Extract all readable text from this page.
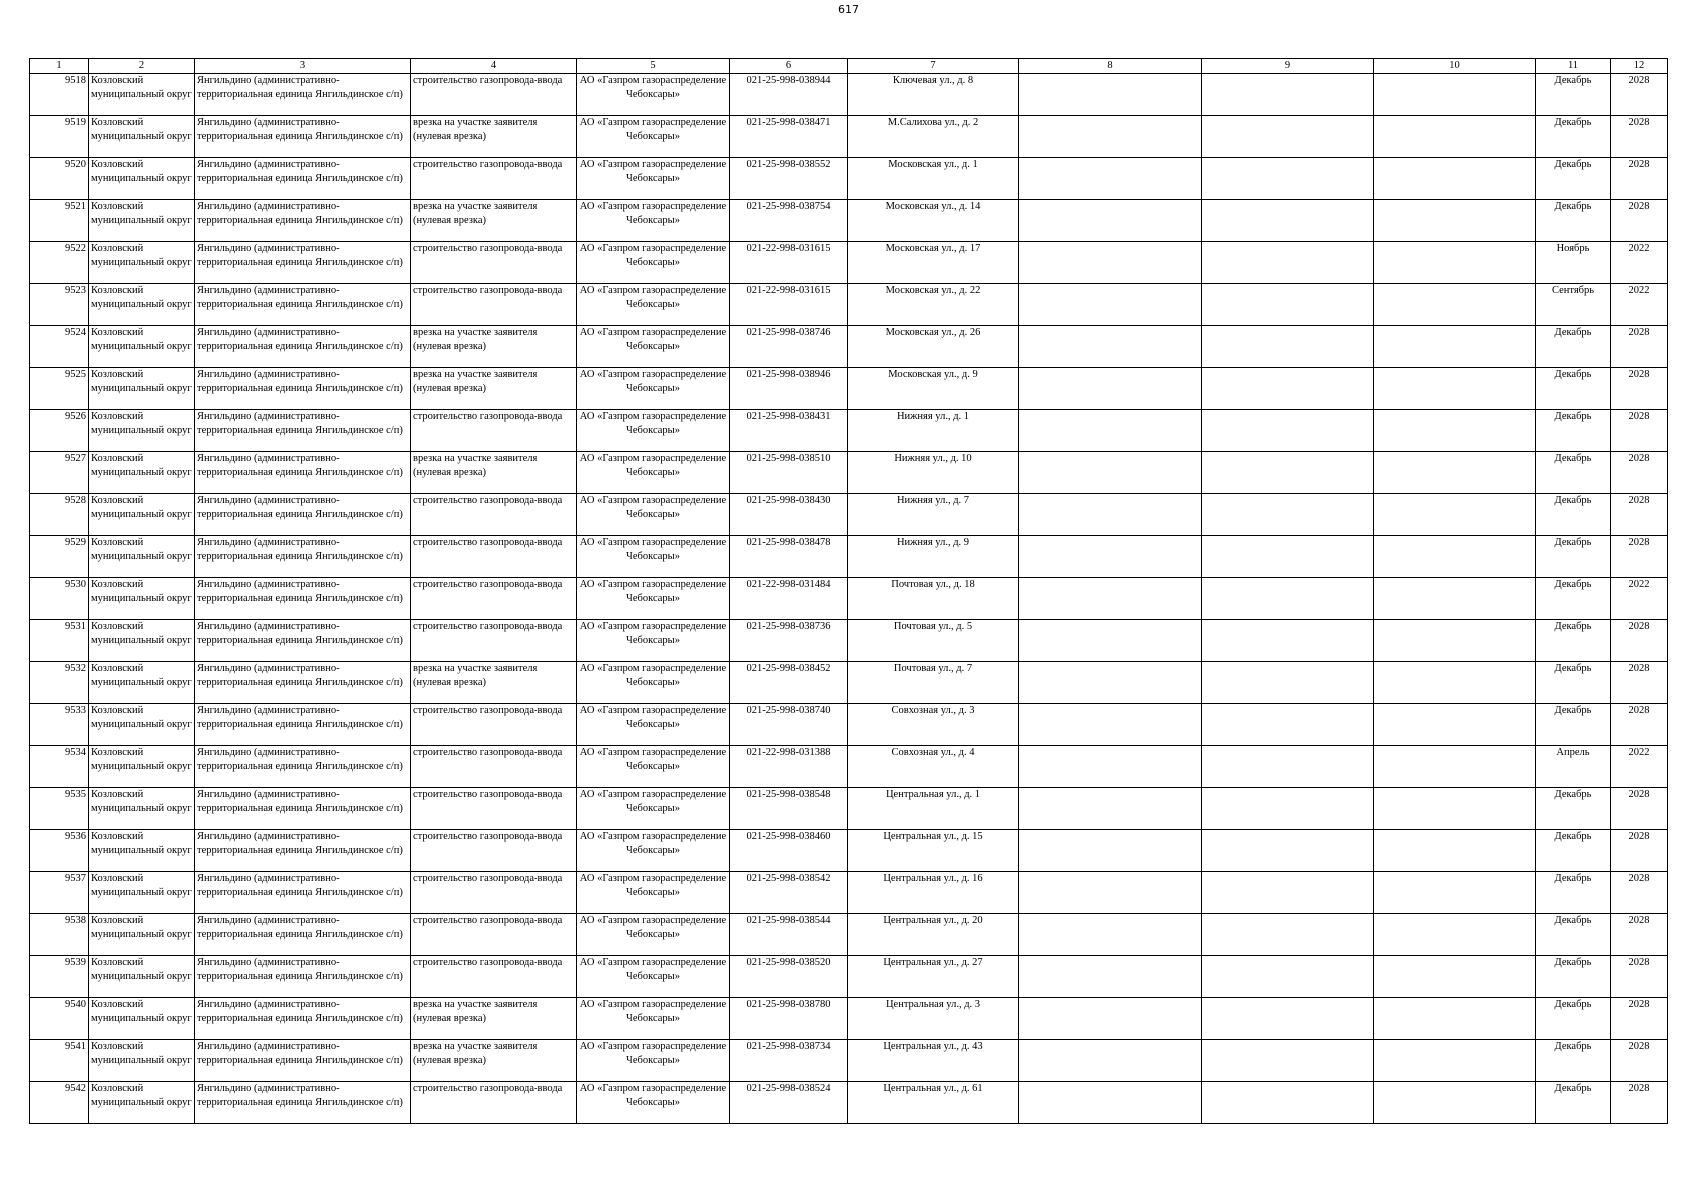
617
1	2	3	4	5	6	7	8	9	10	11	12

9518	Козловский муниципальный округ	Янгильдино (административно-территориальная единица Янгильдинское с/п)	строительство газопровода-ввода	АО «Газпром газораспределение Чебоксары»	021-25-998-038944	Ключевая ул., д. 8				Декабрь	2028

9519	Козловский муниципальный округ	Янгильдино (административно-территориальная единица Янгильдинское с/п)	врезка на участке заявителя (нулевая врезка)	АО «Газпром газораспределение Чебоксары»	021-25-998-038471	М.Салихова ул., д. 2				Декабрь	2028

9520	Козловский муниципальный округ	Янгильдино (административно-территориальная единица Янгильдинское с/п)	строительство газопровода-ввода	АО «Газпром газораспределение Чебоксары»	021-25-998-038552	Московская ул., д. 1				Декабрь	2028

9521	Козловский муниципальный округ	Янгильдино (административно-территориальная единица Янгильдинское с/п)	врезка на участке заявителя (нулевая врезка)	АО «Газпром газораспределение Чебоксары»	021-25-998-038754	Московская ул., д. 14				Декабрь	2028

9522	Козловский муниципальный округ	Янгильдино (административно-территориальная единица Янгильдинское с/п)	строительство газопровода-ввода	АО «Газпром газораспределение Чебоксары»	021-22-998-031615	Московская ул., д. 17				Ноябрь	2022

9523	Козловский муниципальный округ	Янгильдино (административно-территориальная единица Янгильдинское с/п)	строительство газопровода-ввода	АО «Газпром газораспределение Чебоксары»	021-22-998-031615	Московская ул., д. 22				Сентябрь	2022

9524	Козловский муниципальный округ	Янгильдино (административно-территориальная единица Янгильдинское с/п)	врезка на участке заявителя (нулевая врезка)	АО «Газпром газораспределение Чебоксары»	021-25-998-038746	Московская ул., д. 26				Декабрь	2028

9525	Козловский муниципальный округ	Янгильдино (административно-территориальная единица Янгильдинское с/п)	врезка на участке заявителя (нулевая врезка)	АО «Газпром газораспределение Чебоксары»	021-25-998-038946	Московская ул., д. 9				Декабрь	2028

9526	Козловский муниципальный округ	Янгильдино (административно-территориальная единица Янгильдинское с/п)	строительство газопровода-ввода	АО «Газпром газораспределение Чебоксары»	021-25-998-038431	Нижняя ул., д. 1				Декабрь	2028

9527	Козловский муниципальный округ	Янгильдино (административно-территориальная единица Янгильдинское с/п)	врезка на участке заявителя (нулевая врезка)	АО «Газпром газораспределение Чебоксары»	021-25-998-038510	Нижняя ул., д. 10				Декабрь	2028

9528	Козловский муниципальный округ	Янгильдино (административно-территориальная единица Янгильдинское с/п)	строительство газопровода-ввода	АО «Газпром газораспределение Чебоксары»	021-25-998-038430	Нижняя ул., д. 7				Декабрь	2028

9529	Козловский муниципальный округ	Янгильдино (административно-территориальная единица Янгильдинское с/п)	строительство газопровода-ввода	АО «Газпром газораспределение Чебоксары»	021-25-998-038478	Нижняя ул., д. 9				Декабрь	2028

9530	Козловский муниципальный округ	Янгильдино (административно-территориальная единица Янгильдинское с/п)	строительство газопровода-ввода	АО «Газпром газораспределение Чебоксары»	021-22-998-031484	Почтовая ул., д. 18				Декабрь	2022

9531	Козловский муниципальный округ	Янгильдино (административно-территориальная единица Янгильдинское с/п)	строительство газопровода-ввода	АО «Газпром газораспределение Чебоксары»	021-25-998-038736	Почтовая ул., д. 5				Декабрь	2028

9532	Козловский муниципальный округ	Янгильдино (административно-территориальная единица Янгильдинское с/п)	врезка на участке заявителя (нулевая врезка)	АО «Газпром газораспределение Чебоксары»	021-25-998-038452	Почтовая ул., д. 7				Декабрь	2028

9533	Козловский муниципальный округ	Янгильдино (административно-территориальная единица Янгильдинское с/п)	строительство газопровода-ввода	АО «Газпром газораспределение Чебоксары»	021-25-998-038740	Совхозная ул., д. 3				Декабрь	2028

9534	Козловский муниципальный округ	Янгильдино (административно-территориальная единица Янгильдинское с/п)	строительство газопровода-ввода	АО «Газпром газораспределение Чебоксары»	021-22-998-031388	Совхозная ул., д. 4				Апрель	2022

9535	Козловский муниципальный округ	Янгильдино (административно-территориальная единица Янгильдинское с/п)	строительство газопровода-ввода	АО «Газпром газораспределение Чебоксары»	021-25-998-038548	Центральная ул., д. 1				Декабрь	2028

9536	Козловский муниципальный округ	Янгильдино (административно-территориальная единица Янгильдинское с/п)	строительство газопровода-ввода	АО «Газпром газораспределение Чебоксары»	021-25-998-038460	Центральная ул., д. 15				Декабрь	2028

9537	Козловский муниципальный округ	Янгильдино (административно-территориальная единица Янгильдинское с/п)	строительство газопровода-ввода	АО «Газпром газораспределение Чебоксары»	021-25-998-038542	Центральная ул., д. 16				Декабрь	2028

9538	Козловский муниципальный округ	Янгильдино (административно-территориальная единица Янгильдинское с/п)	строительство газопровода-ввода	АО «Газпром газораспределение Чебоксары»	021-25-998-038544	Центральная ул., д. 20				Декабрь	2028

9539	Козловский муниципальный округ	Янгильдино (административно-территориальная единица Янгильдинское с/п)	строительство газопровода-ввода	АО «Газпром газораспределение Чебоксары»	021-25-998-038520	Центральная ул., д. 27				Декабрь	2028

9540	Козловский муниципальный округ	Янгильдино (административно-территориальная единица Янгильдинское с/п)	врезка на участке заявителя (нулевая врезка)	АО «Газпром газораспределение Чебоксары»	021-25-998-038780	Центральная ул., д. 3				Декабрь	2028

9541	Козловский муниципальный округ	Янгильдино (административно-территориальная единица Янгильдинское с/п)	врезка на участке заявителя (нулевая врезка)	АО «Газпром газораспределение Чебоксары»	021-25-998-038734	Центральная ул., д. 43				Декабрь	2028

9542	Козловский муниципальный округ	Янгильдино (административно-территориальная единица Янгильдинское с/п)	строительство газопровода-ввода	АО «Газпром газораспределение Чебоксары»	021-25-998-038524	Центральная ул., д. 61				Декабрь	2028
